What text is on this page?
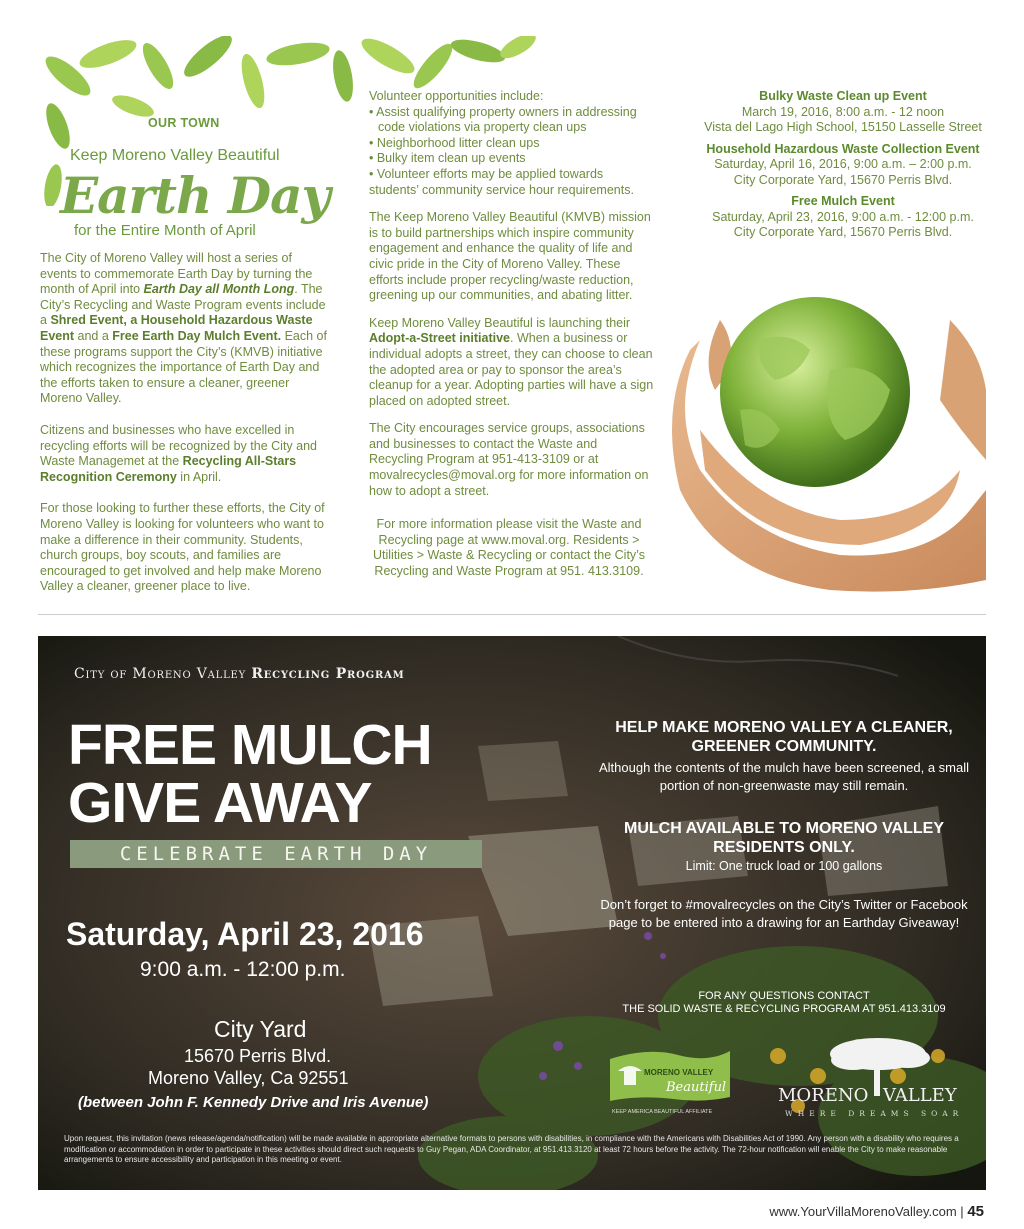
OUR TOWN
Keep Moreno Valley Beautiful
Earth Day
for the Entire Month of April

The City of Moreno Valley will host a series of events to commemorate Earth Day by turning the month of April into Earth Day all Month Long. The City’s Recycling and Waste Program events include a Shred Event, a Household Hazardous Waste Event and a Free Earth Day Mulch Event. Each of these programs support the City’s (KMVB) initiative which recognizes the importance of Earth Day and the efforts taken to ensure a cleaner, greener Moreno Valley.

Citizens and businesses who have excelled in recycling efforts will be recognized by the City and Waste Managemet at the Recycling All-Stars Recognition Ceremony in April.

For those looking to further these efforts, the City of Moreno Valley is looking for volunteers who want to make a difference in their community. Students, church groups, boy scouts, and families are encouraged to get involved and help make Moreno Valley a cleaner, greener place to live.

Volunteer opportunities include:
• Assist qualifying property owners in addressing code violations via property clean ups
• Neighborhood litter clean ups
• Bulky item clean up events

• Volunteer efforts may be applied towards students’ community service hour requirements.

The Keep Moreno Valley Beautiful (KMVB) mission is to build partnerships which inspire community engagement and enhance the quality of life and civic pride in the City of Moreno Valley. These efforts include proper recycling/waste reduction, greening up our communities, and abating litter.

Keep Moreno Valley Beautiful is launching their Adopt-a-Street initiative. When a business or individual adopts a street, they can choose to clean the adopted area or pay to sponsor the area’s cleanup for a year. Adopting parties will have a sign placed on adopted street.

The City encourages service groups, associations and businesses to contact the Waste and Recycling Program at 951-413-3109 or at movalrecycles@moval.org for more information on how to adopt a street.

For more information please visit the Waste and Recycling page at www.moval.org. Residents > Utilities > Waste & Recycling or contact the City’s Recycling and Waste Program at 951. 413.3109.
Bulky Waste Clean up Event
March 19, 2016, 8:00 a.m. - 12 noon
Vista del Lago High School, 15150 Lasselle Street
Household Hazardous Waste Collection Event
Saturday, April 16, 2016, 9:00 a.m. – 2:00 p.m.
City Corporate Yard, 15670 Perris Blvd.
Free Mulch Event
Saturday, April 23, 2016, 9:00 a.m. - 12:00 p.m.
City Corporate Yard, 15670 Perris Blvd.
City of Moreno Valley Recycling Program
FREE MULCH
GIVE AWAY
CELEBRATE EARTH DAY
Saturday, April 23, 2016
9:00 a.m. - 12:00 p.m.
City Yard
15670 Perris Blvd.
Moreno Valley, Ca 92551
(between John F. Kennedy Drive and Iris Avenue)
HELP MAKE MORENO VALLEY A CLEANER, GREENER COMMUNITY.
Although the contents of the mulch have been screened, a small portion of non-greenwaste may still remain.
MULCH AVAILABLE TO MORENO VALLEY RESIDENTS ONLY.
Limit: One truck load or 100 gallons
Don’t forget to #movalrecycles on the City’s Twitter or Facebook page to be entered into a drawing for an Earthday Giveaway!
FOR ANY QUESTIONS CONTACT
THE SOLID WASTE & RECYCLING PROGRAM AT 951.413.3109
MORENO VALLEY
Beautiful
KEEP AMERICA BEAUTIFUL AFFILIATE
MORENO VALLEY
WHERE DREAMS SOAR
Upon request, this invitation (news release/agenda/notification) will be made available in appropriate alternative formats to persons with disabilities, in compliance with the Americans with Disabilities Act of 1990. Any person with a disability who requires a modification or accommodation in order to participate in these activities should direct such requests to Guy Pegan, ADA Coordinator, at 951.413.3120 at least 72 hours before the activity. The 72-hour notification will enable the City to make reasonable arrangements to ensure accessibility and participation in this meeting or event.
www.YourVillaMorenoValley.com | 45
